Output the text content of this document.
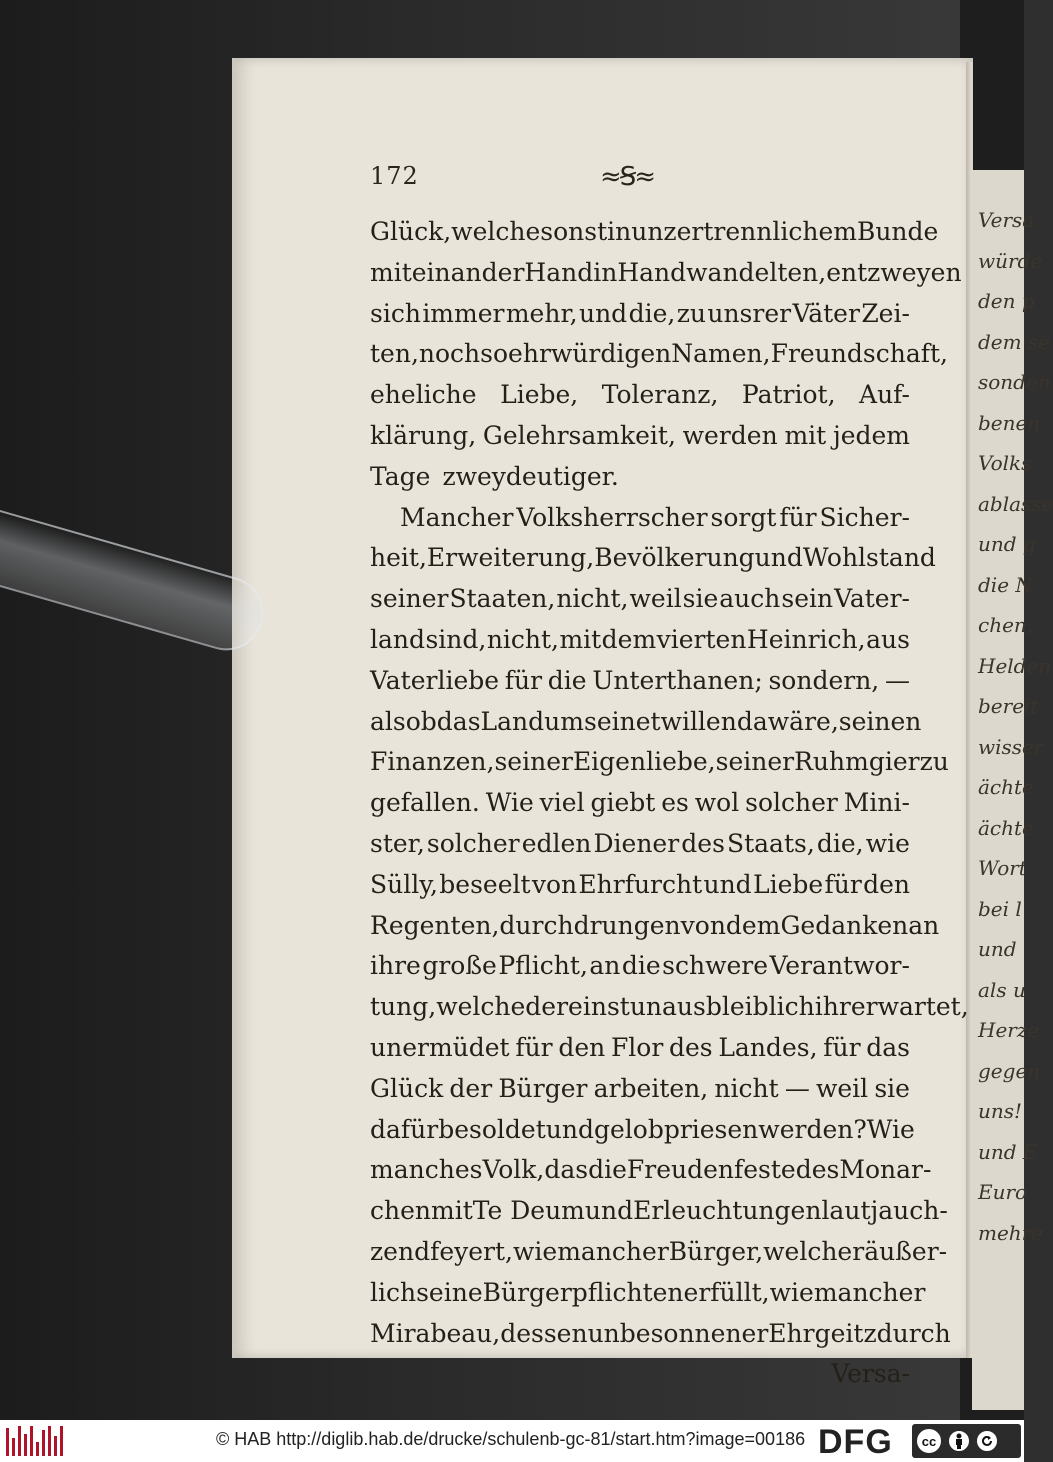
Versa
würde
den p
dem se
sonden
benen
Volks
ablasse
und g
die N
chen,
Helden
bereit
wisser
ächte
ächte
Wort
bei l
und
als u
Herze
gegen
uns!
und E
Euro
mehre
172	≈Ꞩ≈
Glück, welche sonst in unzertrennlichem Bunde
mit einander Hand in Hand wandelten, entzweyen
sich immer mehr, und die, zu unsrer Väter Zei-
ten, noch so ehrwürdigen Namen, Freundschaft,
eheliche Liebe, Toleranz, Patriot, Auf-
klärung, Gelehrsamkeit, werden mit jedem
Tage zweydeutiger.
Mancher Volksherrscher sorgt für Sicher-
heit, Erweiterung, Bevölkerung und Wohlstand
seiner Staaten, nicht, weil sie auch sein Vater-
land sind, nicht, mit dem vierten Heinrich, aus
Vaterliebe für die Unterthanen; sondern, —
als ob das Land um seinetwillen da wäre, seinen
Finanzen, seiner Eigenliebe, seiner Ruhmgier zu
gefallen. Wie viel giebt es wol solcher Mini-
ster, solcher edlen Diener des Staats, die, wie
Sülly, beseelt von Ehrfurcht und Liebe für den
Regenten, durchdrungen von dem Gedanken an
ihre große Pflicht, an die schwere Verantwor-
tung, welche dereinst unausbleiblich ihrer wartet,
unermüdet für den Flor des Landes, für das
Glück der Bürger arbeiten, nicht — weil sie
dafür besoldet und gelobpriesen werden? Wie
manches Volk, das die Freudenfeste des Monar-
chen mit Te Deum und Erleuchtungen lautjauch-
zend feyert, wie mancher Bürger, welcher äußer-
lich seine Bürgerpflichten erfüllt, wie mancher
Mirabeau, dessen unbesonnener Ehrgeitz durch
Versa-
© HAB http://diglib.hab.de/drucke/schulenb-gc-81/start.htm?image=00186 DFG	cc
